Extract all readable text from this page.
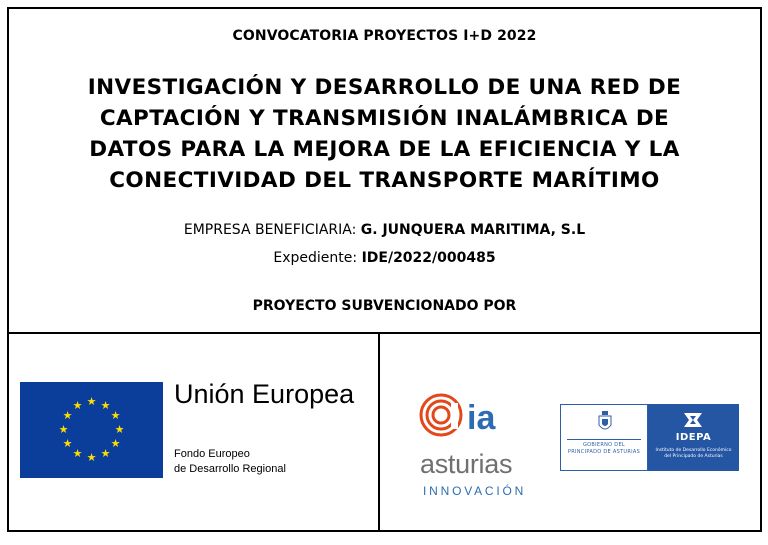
CONVOCATORIA PROYECTOS I+D 2022
INVESTIGACIÓN Y DESARROLLO DE UNA RED DE
CAPTACIÓN Y TRANSMISIÓN INALÁMBRICA DE
DATOS PARA LA MEJORA DE LA EFICIENCIA Y LA
CONECTIVIDAD DEL TRANSPORTE MARÍTIMO
EMPRESA BENEFICIARIA: G. JUNQUERA MARITIMA, S.L
Expediente: IDE/2022/000485
PROYECTO SUBVENCIONADO POR
★ ★
★
★
★
★
★
★
★
★
★
★	Unión Europea
Fondo Europeo
de Desarrollo Regional
ia
asturias
INNOVACIÓN
GOBIERNO DEL
PRINCIPADO DE ASTURIAS
IDEPA
Instituto de Desarrollo Económico
del Principado de Asturias
